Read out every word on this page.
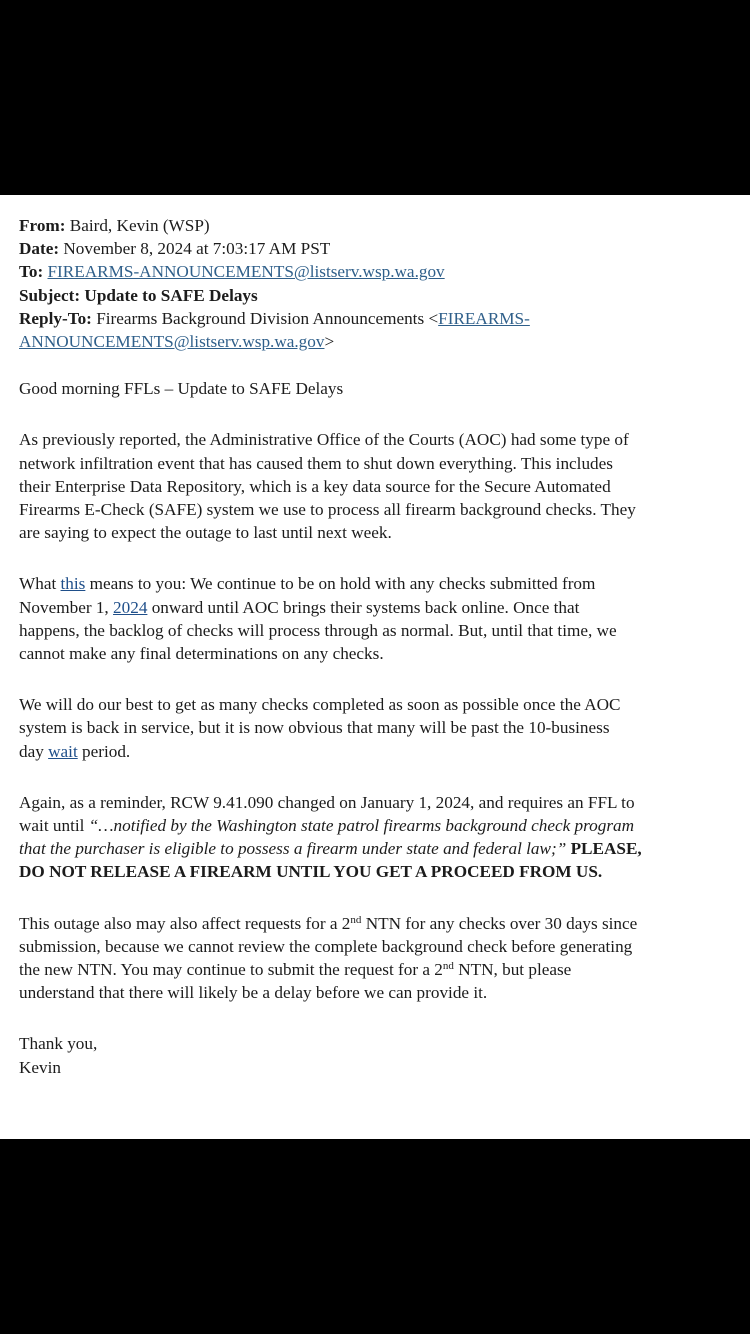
From: Baird, Kevin (WSP)
Date: November 8, 2024 at 7:03:17 AM PST
To: FIREARMS-ANNOUNCEMENTS@listserv.wsp.wa.gov
Subject: Update to SAFE Delays
Reply-To: Firearms Background Division Announcements <FIREARMS-
ANNOUNCEMENTS@listserv.wsp.wa.gov>

Good morning FFLs – Update to SAFE Delays

As previously reported, the Administrative Office of the Courts (AOC) had some type of
network infiltration event that has caused them to shut down everything. This includes
their Enterprise Data Repository, which is a key data source for the Secure Automated
Firearms E-Check (SAFE) system we use to process all firearm background checks. They
are saying to expect the outage to last until next week.

What this means to you: We continue to be on hold with any checks submitted from
November 1, 2024 onward until AOC brings their systems back online. Once that
happens, the backlog of checks will process through as normal. But, until that time, we
cannot make any final determinations on any checks.

We will do our best to get as many checks completed as soon as possible once the AOC
system is back in service, but it is now obvious that many will be past the 10-business
day wait period.

Again, as a reminder, RCW 9.41.090 changed on January 1, 2024, and requires an FFL to
wait until “…notified by the Washington state patrol firearms background check program
that the purchaser is eligible to possess a firearm under state and federal law;” PLEASE,
DO NOT RELEASE A FIREARM UNTIL YOU GET A PROCEED FROM US.

This outage also may also affect requests for a 2nd NTN for any checks over 30 days since
submission, because we cannot review the complete background check before generating
the new NTN. You may continue to submit the request for a 2nd NTN, but please
understand that there will likely be a delay before we can provide it.

Thank you,
Kevin
